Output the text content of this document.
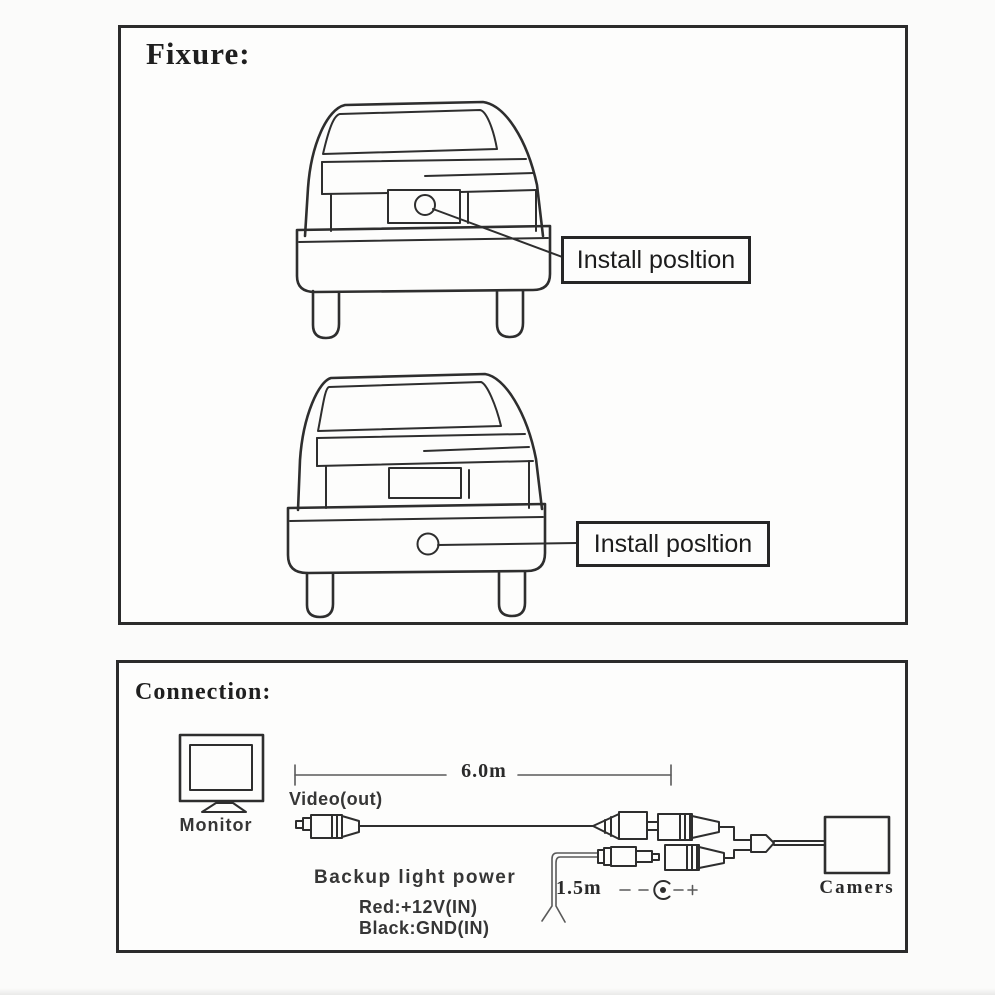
Fixure:
Install posltion
Install posltion
Connection:
Monitor
6.0m
Video(out)
Backup light power
Red:+12V(IN)
Black:GND(IN)
1.5m	Camers
